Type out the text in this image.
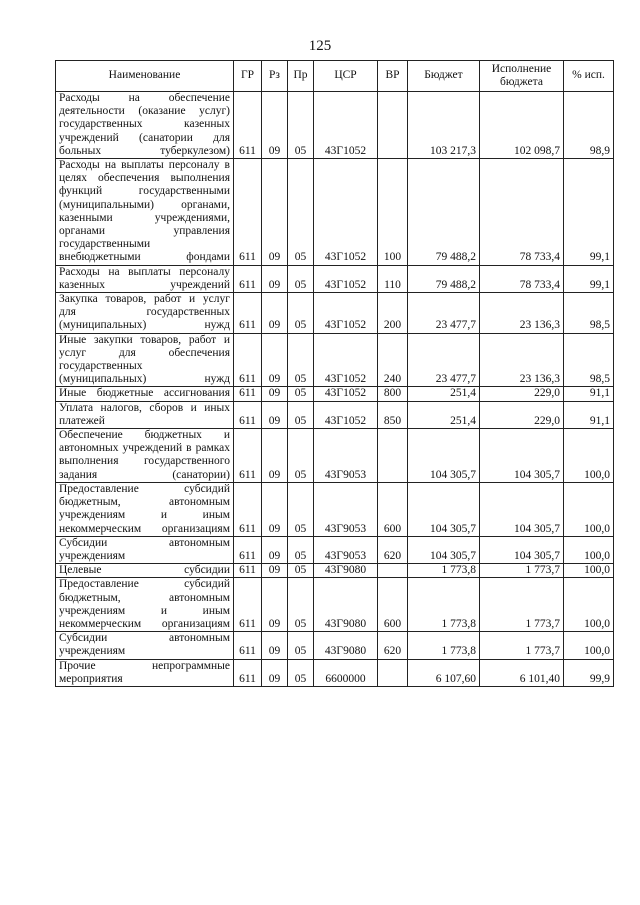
125
Наименование	ГР	Рз	Пр	ЦСР	ВР	Бюджет	Исполнение бюджета	% исп.
Расходы на обеспечение деятельности (оказание услуг) государственных казенных учреждений (санатории для больных туберкулезом)	611	09	05	43Г1052		103 217,3	102 098,7	98,9
Расходы на выплаты персоналу в целях обеспечения выполнения функций государственными (муниципальными) органами, казенными учреждениями, органами управления государственными внебюджетными фондами	611	09	05	43Г1052	100	79 488,2	78 733,4	99,1
Расходы на выплаты персоналу казенных учреждений	611	09	05	43Г1052	110	79 488,2	78 733,4	99,1
Закупка товаров, работ и услуг для государственных (муниципальных) нужд	611	09	05	43Г1052	200	23 477,7	23 136,3	98,5
Иные закупки товаров, работ и услуг для обеспечения государственных (муниципальных) нужд	611	09	05	43Г1052	240	23 477,7	23 136,3	98,5
Иные бюджетные ассигнования	611	09	05	43Г1052	800	251,4	229,0	91,1
Уплата налогов, сборов и иных платежей	611	09	05	43Г1052	850	251,4	229,0	91,1
Обеспечение бюджетных и автономных учреждений в рамках выполнения государственного задания (санатории)	611	09	05	43Г9053		104 305,7	104 305,7	100,0
Предоставление субсидий бюджетным, автономным учреждениям и иным некоммерческим организациям	611	09	05	43Г9053	600	104 305,7	104 305,7	100,0
Субсидии автономным учреждениям	611	09	05	43Г9053	620	104 305,7	104 305,7	100,0
Целевые субсидии	611	09	05	43Г9080		1 773,8	1 773,7	100,0
Предоставление субсидий бюджетным, автономным учреждениям и иным некоммерческим организациям	611	09	05	43Г9080	600	1 773,8	1 773,7	100,0
Субсидии автономным учреждениям	611	09	05	43Г9080	620	1 773,8	1 773,7	100,0
Прочие непрограммные мероприятия	611	09	05	6600000		6 107,60	6 101,40	99,9
